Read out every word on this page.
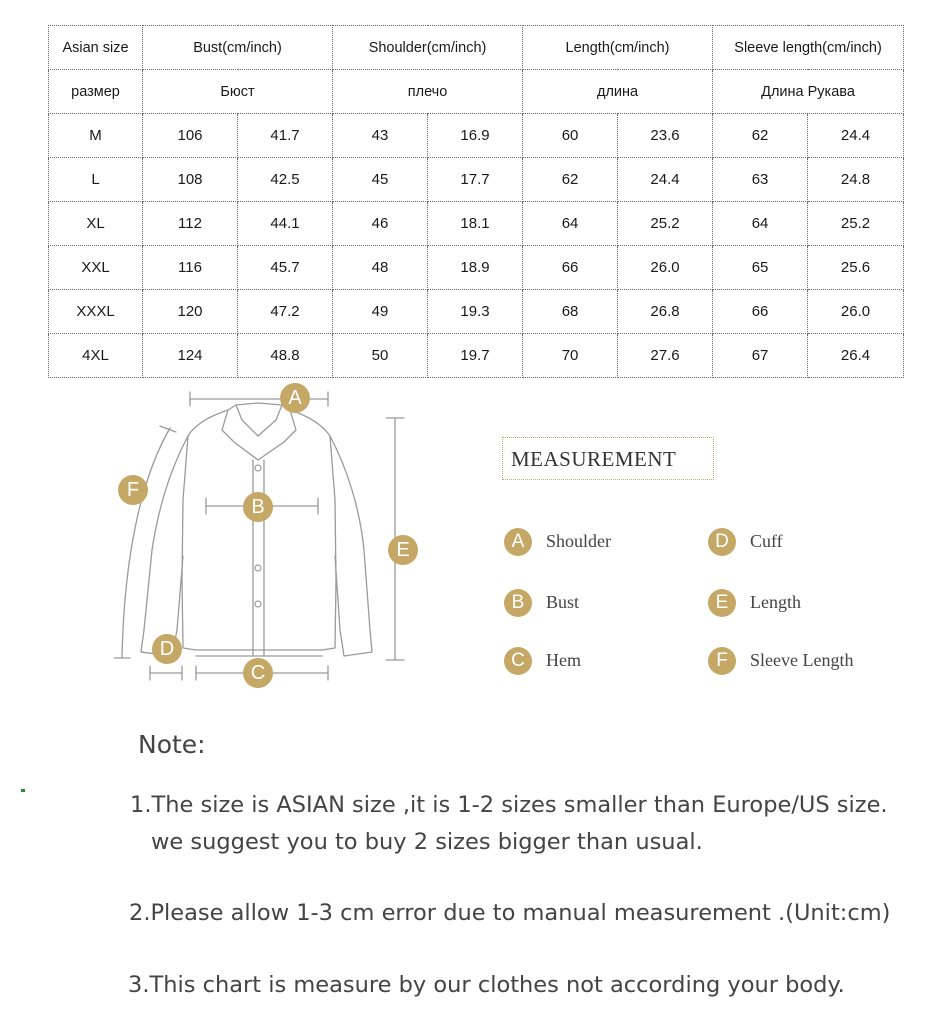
Asian size	Bust(cm/inch)		Shoulder(cm/inch)		Length(cm/inch)		Sleeve length(cm/inch)	
размер	Бюст		плечо		длина		Длина Рукава	
M	106	41.7	43	16.9	60	23.6	62	24.4
L	108	42.5	45	17.7	62	24.4	63	24.8
XL	112	44.1	46	18.1	64	25.2	64	25.2
XXL	116	45.7	48	18.9	66	26.0	65	25.6
XXXL	120	47.2	49	19.3	68	26.8	66	26.0
4XL	124	48.8	50	19.7	70	27.6	67	26.4
A
B
C
D
E
F
MEASUREMENT
A	Shoulder
B	Bust
C	Hem
D	Cuff
E	Length
F	Sleeve Length
Note:
1.The size is ASIAN size ,it is 1-2 sizes smaller than Europe/US size.
we suggest you to buy 2 sizes bigger than usual.
2.Please allow 1-3 cm error due to manual measurement .(Unit:cm)
3.This chart is measure by our clothes not according your body.
